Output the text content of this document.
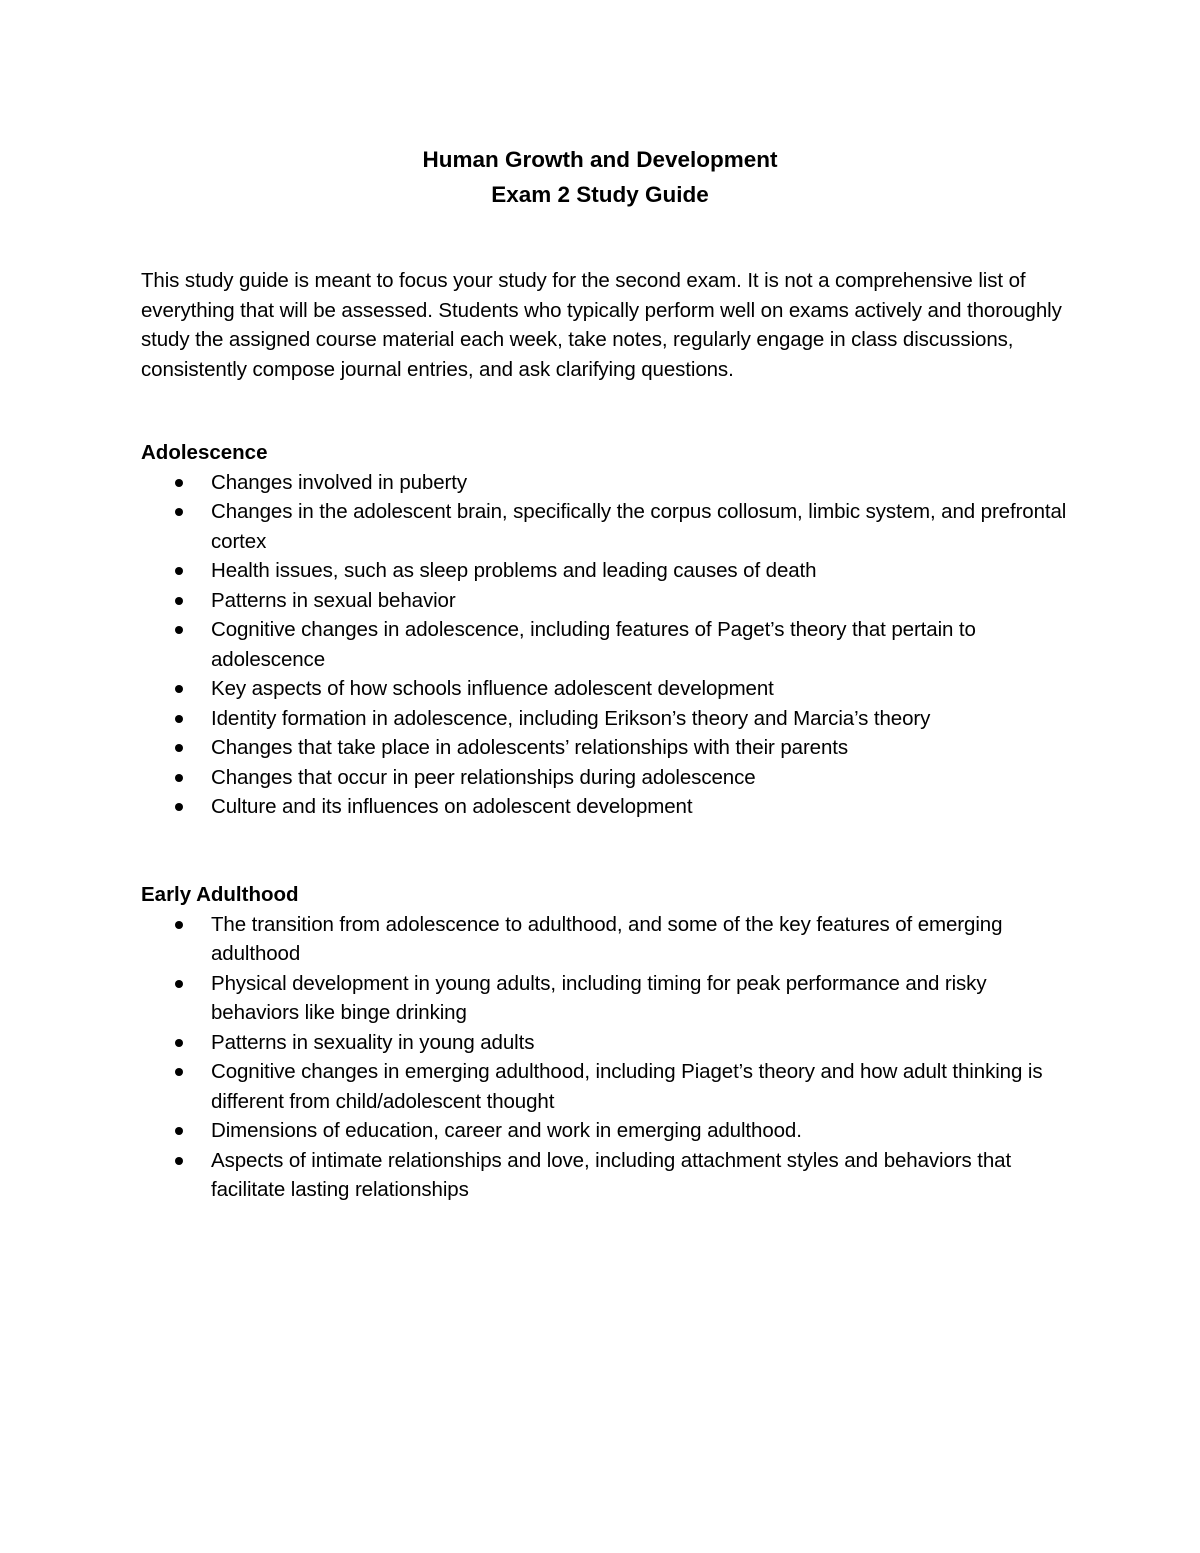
Human Growth and Development
Exam 2 Study Guide

This study guide is meant to focus your study for the second exam. It is not a comprehensive list of everything that will be assessed. Students who typically perform well on exams actively and thoroughly study the assigned course material each week, take notes, regularly engage in class discussions, consistently compose journal entries, and ask clarifying questions.

Adolescence

Changes involved in puberty
Changes in the adolescent brain, specifically the corpus collosum, limbic system, and prefrontal cortex
Health issues, such as sleep problems and leading causes of death
Patterns in sexual behavior
Cognitive changes in adolescence, including features of Paget’s theory that pertain to adolescence
Key aspects of how schools influence adolescent development
Identity formation in adolescence, including Erikson’s theory and Marcia’s theory
Changes that take place in adolescents’ relationships with their parents
Changes that occur in peer relationships during adolescence
Culture and its influences on adolescent development

Early Adulthood

The transition from adolescence to adulthood, and some of the key features of emerging adulthood
Physical development in young adults, including timing for peak performance and risky behaviors like binge drinking
Patterns in sexuality in young adults
Cognitive changes in emerging adulthood, including Piaget’s theory and how adult thinking is different from child/adolescent thought
Dimensions of education, career and work in emerging adulthood.
Aspects of intimate relationships and love, including attachment styles and behaviors that facilitate lasting relationships
